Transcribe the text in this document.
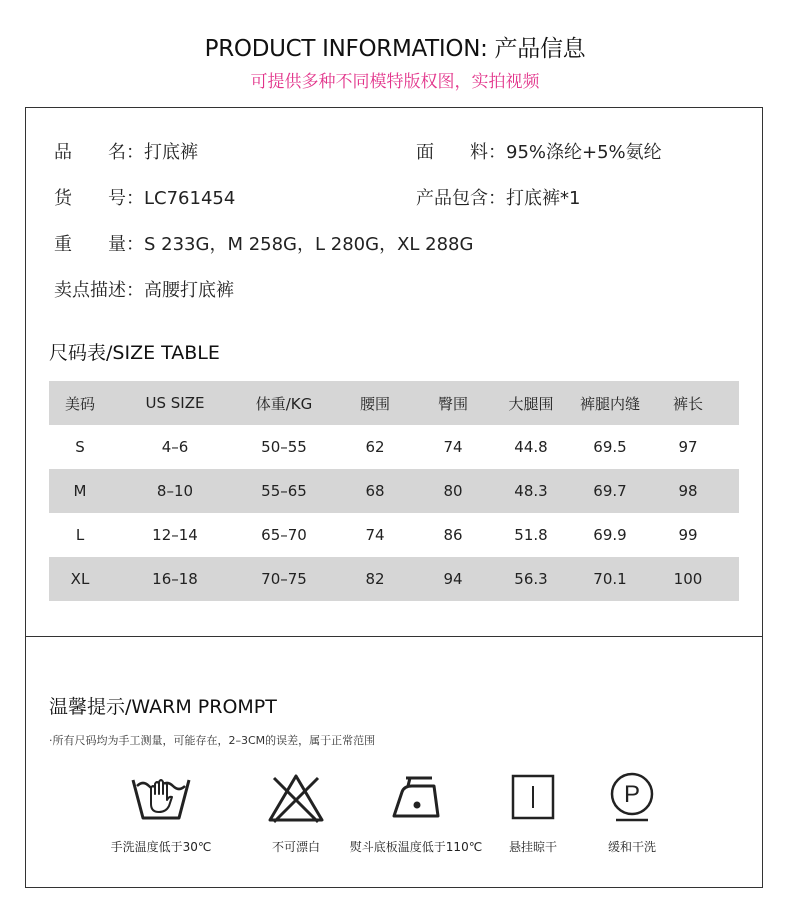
PRODUCT INFORMATION: 产品信息
可提供多种不同模特版权图，实拍视频
品　　名：打底裤	面　　料：95%涤纶+5%氨纶
货　　号：LC761454	产品包含：打底裤*1
重　　量：S 233G，M 258G，L 280G，XL 288G
卖点描述：高腰打底裤
尺码表/SIZE TABLE
美码	US SIZE	体重/KG	腰围	臀围	大腿围	裤腿内缝	裤长
S	4–6	50–55	62	74	44.8	69.5	97
M	8–10	55–65	68	80	48.3	69.7	98
L	12–14	65–70	74	86	51.8	69.9	99
XL	16–18	70–75	82	94	56.3	70.1	100
温馨提示/WARM PROMPT
·所有尺码均为手工测量，可能存在，2–3CM的误差，属于正常范围
手洗温度低于30℃	不可漂白	熨斗底板温度低于110℃	悬挂晾干
P
缓和干洗
